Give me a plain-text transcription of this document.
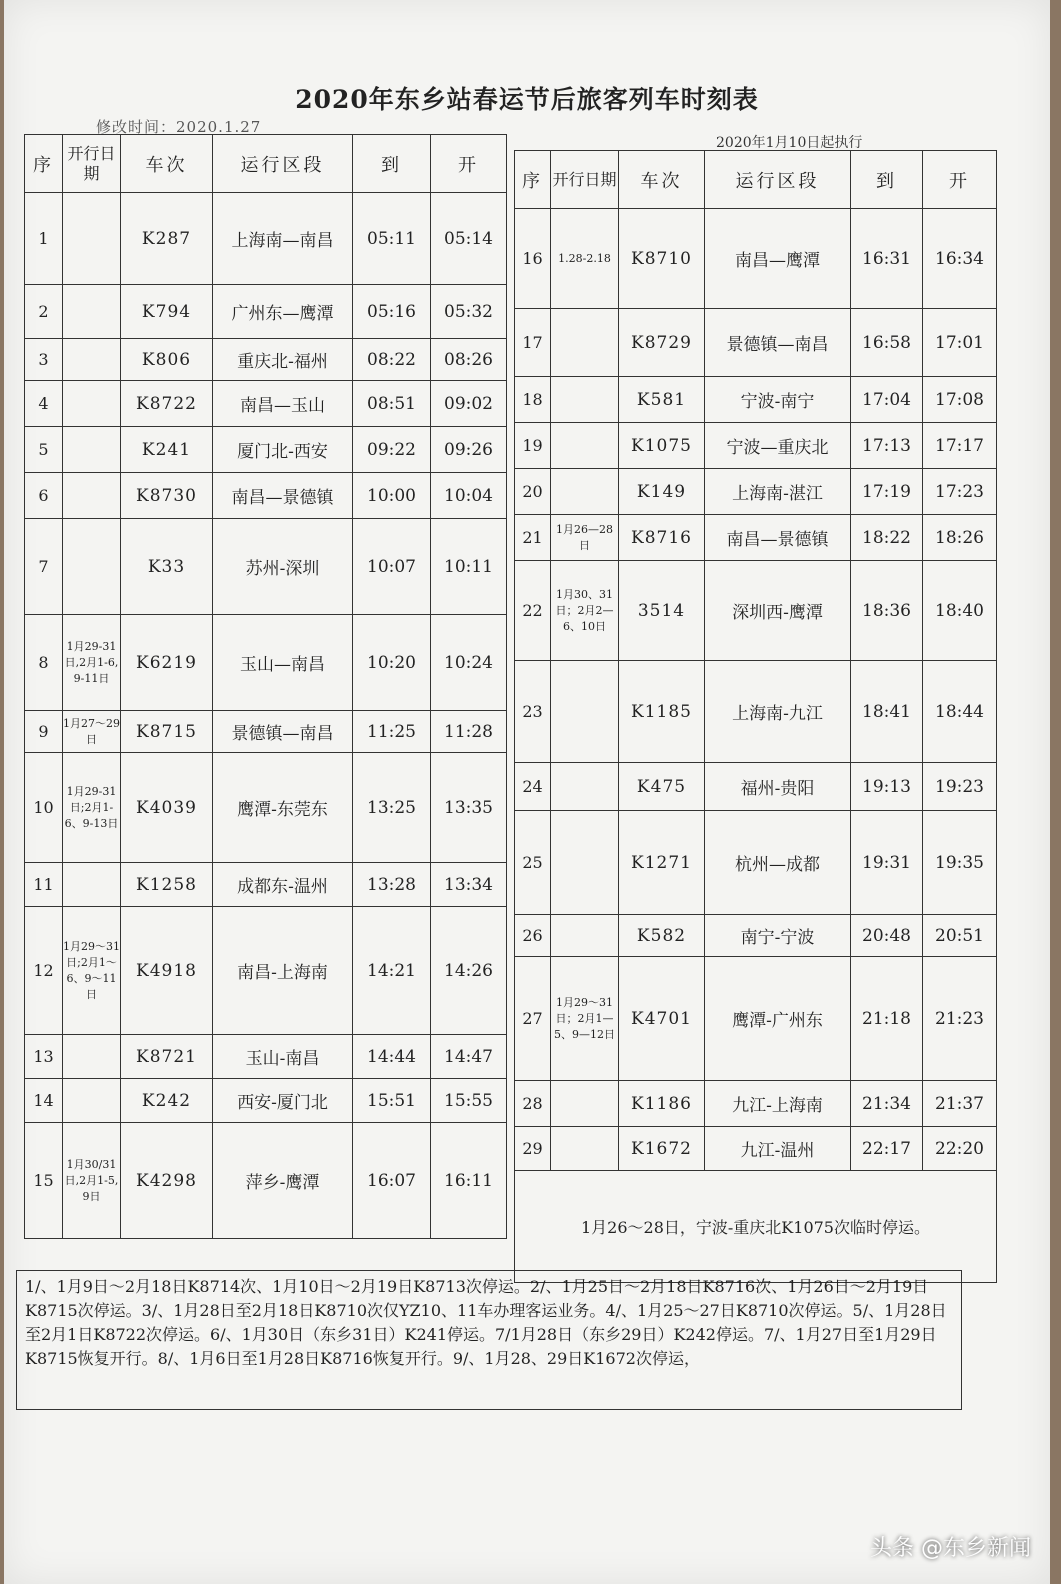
2020年东乡站春运节后旅客列车时刻表
修改时间：2020.1.27
2020年1月10日起执行
序	开行日期	车次	运行区段	到	开
1		K287	上海南—南昌	05:11	05:14
2		K794	广州东—鹰潭	05:16	05:32
3		K806	重庆北-福州	08:22	08:26
4		K8722	南昌—玉山	08:51	09:02
5		K241	厦门北-西安	09:22	09:26
6		K8730	南昌—景德镇	10:00	10:04
7		K33	苏州-深圳	10:07	10:11
8	1月29-31日,2月1-6,9-11日	K6219	玉山—南昌	10:20	10:24
9	1月27～29日	K8715	景德镇—南昌	11:25	11:28
10	1月29-31日;2月1-6、9-13日	K4039	鹰潭-东莞东	13:25	13:35
11		K1258	成都东-温州	13:28	13:34
12	1月29～31日;2月1～6、9～11日	K4918	南昌-上海南	14:21	14:26
13		K8721	玉山-南昌	14:44	14:47
14		K242	西安-厦门北	15:51	15:55
15	1月30/31日,2月1-5,9日	K4298	萍乡-鹰潭	16:07	16:11
序	开行日期	车次	运行区段	到	开
16	1.28-2.18	K8710	南昌—鹰潭	16:31	16:34
17		K8729	景德镇—南昌	16:58	17:01
18		K581	宁波-南宁	17:04	17:08
19		K1075	宁波—重庆北	17:13	17:17
20		K149	上海南-湛江	17:19	17:23
21	1月26—28日	K8716	南昌—景德镇	18:22	18:26
22	1月30、31日；2月2—6、10日	3514	深圳西-鹰潭	18:36	18:40
23		K1185	上海南-九江	18:41	18:44
24		K475	福州-贵阳	19:13	19:23
25		K1271	杭州—成都	19:31	19:35
26		K582	南宁-宁波	20:48	20:51
27	1月29～31日；2月1—5、9—12日	K4701	鹰潭-广州东	21:18	21:23
28		K1186	九江-上海南	21:34	21:37
29		K1672	九江-温州	22:17	22:20
1月26～28日，宁波-重庆北K1075次临时停运。					
1/、1月9日～2月18日K8714次、1月10日～2月19日K8713次停运。2/、1月25日～2月18日K8716次、1月26日～2月19日K8715次停运。3/、1月28日至2月18日K8710次仅YZ10、11车办理客运业务。4/、1月25～27日K8710次停运。5/、1月28日至2月1日K8722次停运。6/、1月30日（东乡31日）K241停运。7/1月28日（东乡29日）K242停运。7/、1月27日至1月29日K8715恢复开行。8/、1月6日至1月28日K8716恢复开行。9/、1月28、29日K1672次停运，
头条 @东乡新闻
